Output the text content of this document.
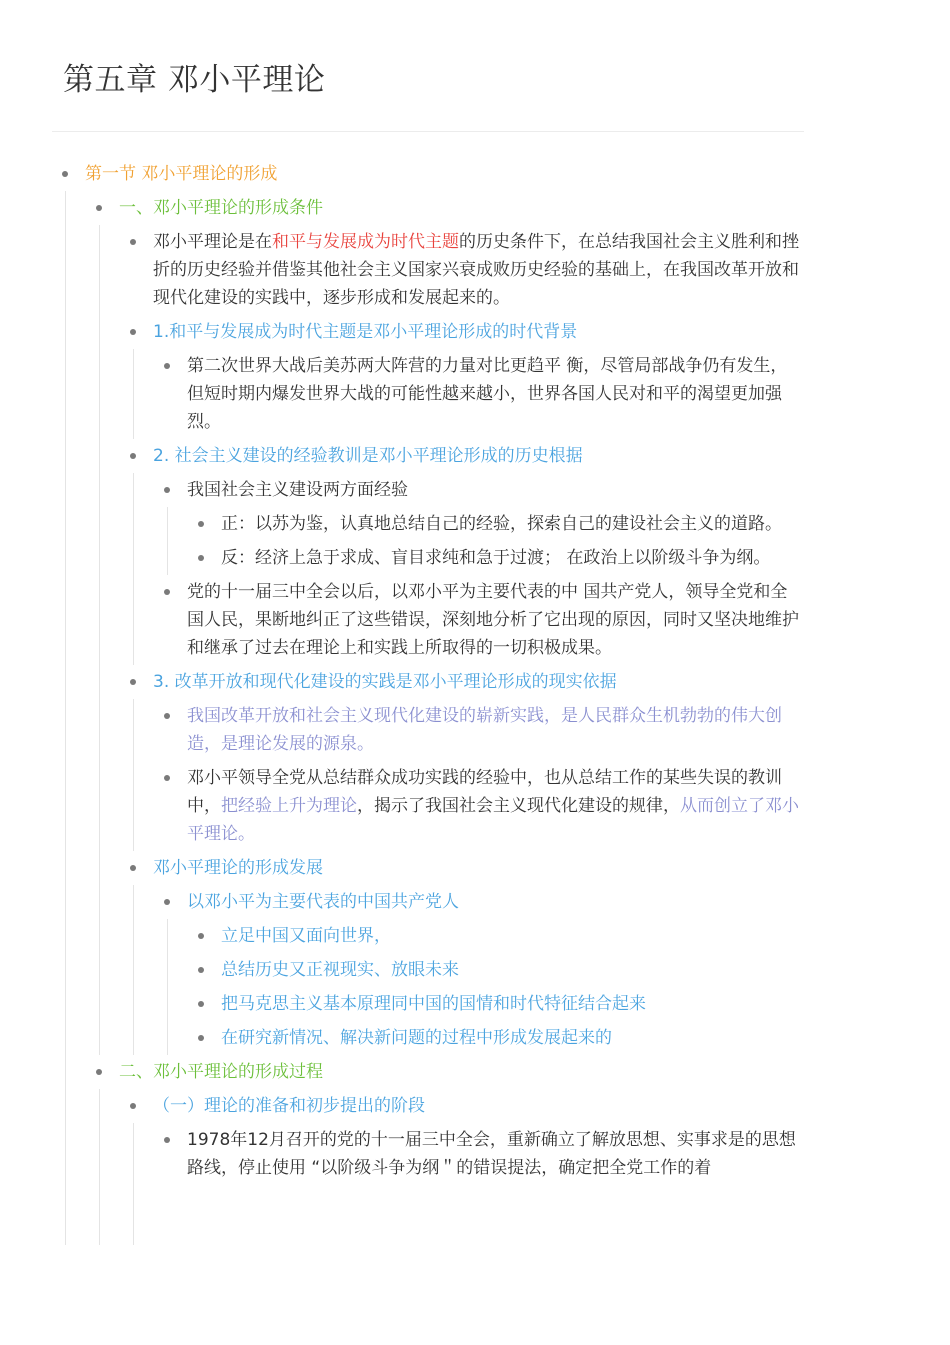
第五章 邓小平理论
第一节 邓小平理论的形成
一、邓小平理论的形成条件
邓小平理论是在和平与发展成为时代主题的历史条件下，在总结我国社会主义胜利和挫折的历史经验并借鉴其他社会主义国家兴衰成败历史经验的基础上，在我国改革开放和现代化建设的实践中，逐步形成和发展起来的。
1.和平与发展成为时代主题是邓小平理论形成的时代背景
第二次世界大战后美苏两大阵营的力量对比更趋平 衡，尽管局部战争仍有发生，但短时期内爆发世界大战的可能性越来越小，世界各国人民对和平的渴望更加强烈。
2. 社会主义建设的经验教训是邓小平理论形成的历史根据
我国社会主义建设两方面经验
正：以苏为鉴，认真地总结自己的经验，探索自己的建设社会主义的道路。
反：经济上急于求成、盲目求纯和急于过渡； 在政治上以阶级斗争为纲。
党的十一届三中全会以后，以邓小平为主要代表的中 国共产党人，领导全党和全国人民，果断地纠正了这些错误，深刻地分析了它出现的原因，同时又坚决地维护和继承了过去在理论上和实践上所取得的一切积极成果。
3. 改革开放和现代化建设的实践是邓小平理论形成的现实依据
我国改革开放和社会主义现代化建设的崭新实践，是人民群众生机勃勃的伟大创造，是理论发展的源泉。
邓小平领导全党从总结群众成功实践的经验中，也从总结工作的某些失误的教训中，把经验上升为理论，揭示了我国社会主义现代化建设的规律，从而创立了邓小平理论。
邓小平理论的形成发展
以邓小平为主要代表的中国共产党人
立足中国又面向世界，
总结历史又正视现实、放眼未来
把马克思主义基本原理同中国的国情和时代特征结合起来
在研究新情况、解决新问题的过程中形成发展起来的
二、邓小平理论的形成过程
（一）理论的准备和初步提出的阶段
1978年12月召开的党的十一届三中全会，重新确立了解放思想、实事求是的思想路线，停止使用 “以阶级斗争为纲＂的错误提法，确定把全党工作的着
